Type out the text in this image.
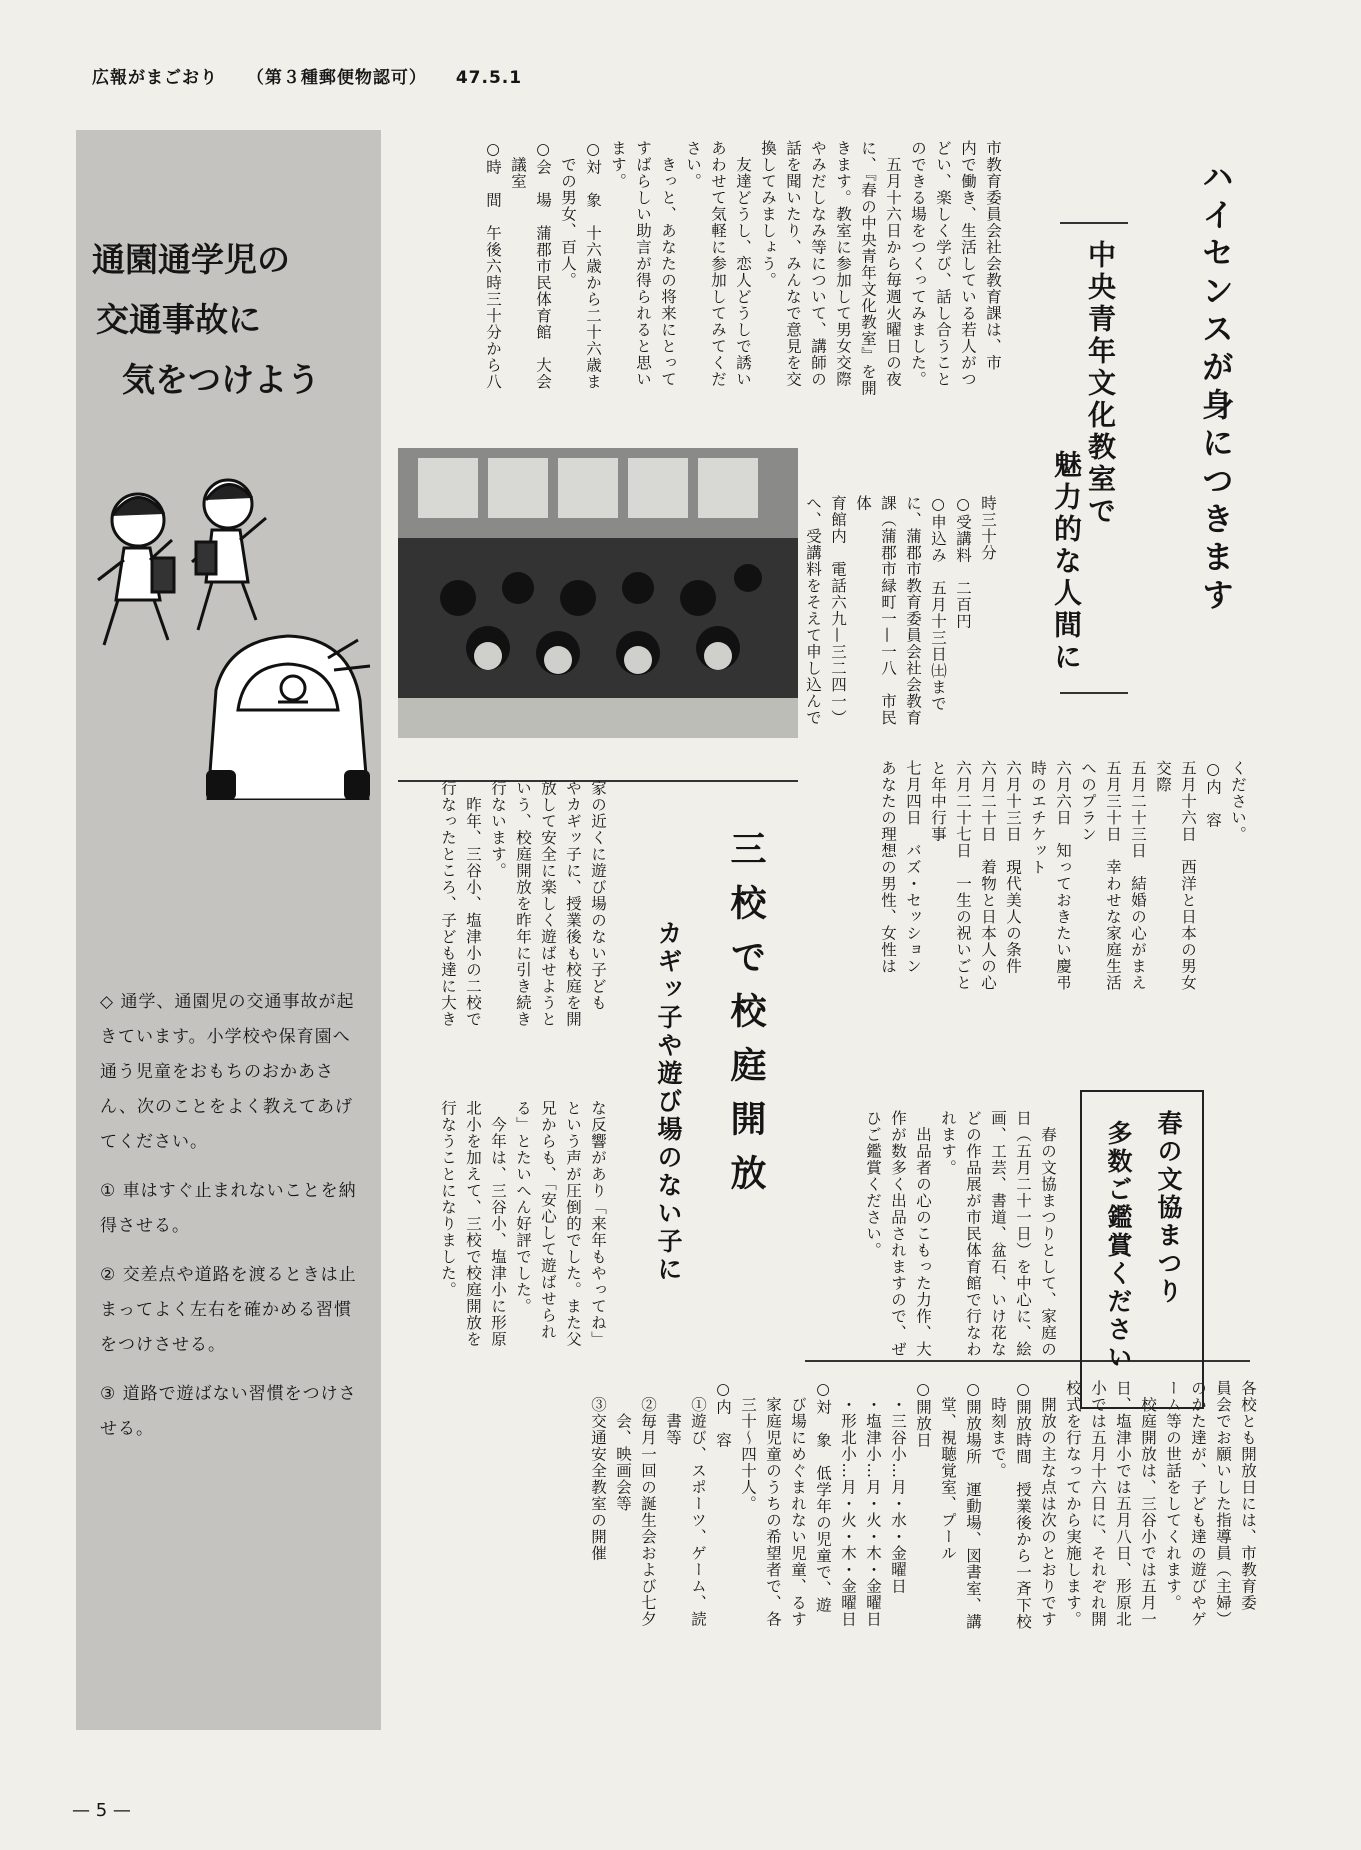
広報がまごおり （第３種郵便物認可） 47.5.1
通園通学児の
交通事故に
気をつけよう

◇ 通学、通園児の交通事故が起きています。小学校や保育園へ通う児童をおもちのおかあさん、次のことをよく教えてあげてください。

① 車はすぐ止まれないことを納得させる。

② 交差点や道路を渡るときは止まってよく左右を確かめる習慣をつけさせる。

③ 道路で遊ばない習慣をつけさせる。

ハイセンスが身につきます
中央青年文化教室で
魅力的な人間に
市教育委員会社会教育課は、市
内で働き、生活している若人がつ
どい、楽しく学び、話し合うこと
のできる場をつくってみました。
　五月十六日から毎週火曜日の夜
に、『春の中央青年文化教室』を開
きます。教室に参加して男女交際
やみだしなみ等について、講師の
話を聞いたり、みんなで意見を交
換してみましょう。
　友達どうし、恋人どうしで誘い
あわせて気軽に参加してみてくだ
さい。
　きっと、あなたの将来にとって
すばらしい助言が得られると思い
ます。
○対　象　十六歳から二十六歳ま
　での男女、百人。
○会　場　蒲郡市民体育館　大会
　議室
○時　間　午後六時三十分から八
時三十分
○受講料　二百円
○申込み　五月十三日㈯まで
に、蒲郡市教育委員会社会教育
課（蒲郡市緑町一—一八　市民体
育館内　電話六九—三二四一）
へ、受講料をそえて申し込んで
ください。
○内　容
五月十六日　西洋と日本の男女
交際
五月二十三日　結婚の心がまえ
五月三十日　幸わせな家庭生活
へのプラン
六月六日　知っておきたい慶弔
時のエチケット
六月十三日　現代美人の条件
六月二十日　着物と日本人の心
六月二十七日　一生の祝いごと
と年中行事
七月四日　バズ・セッション
あなたの理想の男性、女性は
三校で校庭開放
カギッ子や遊び場のない子に
家の近くに遊び場のない子ども
やカギッ子に、授業後も校庭を開
放して安全に楽しく遊ばせようと
いう、校庭開放を昨年に引き続き
行ないます。
　昨年、三谷小、塩津小の二校で
行なったところ、子ども達に大き
な反響があり「来年もやってね」
という声が圧倒的でした。また父
兄からも、「安心して遊ばせられ
る」とたいへん好評でした。
　今年は、三谷小、塩津小に形原
北小を加えて、三校で校庭開放を
行なうことになりました。
各校とも開放日には、市教育委
員会でお願いした指導員（主婦）
のかた達が、子ども達の遊びやゲ
ーム等の世話をしてくれます。
　校庭開放は、三谷小では五月一
日、塩津小では五月八日、形原北
小では五月十六日に、それぞれ開
校式を行なってから実施します。
　開放の主な点は次のとおりです
○開放時間　授業後から一斉下校
　時刻まで。
○開放場所　運動場、図書室、講
　堂、視聴覚室、プール
○開放日
　・三谷小…月・水・金曜日
　・塩津小…月・火・木・金曜日
　・形北小…月・火・木・金曜日
○対　象　低学年の児童で、遊
　び場にめぐまれない児童、るす
　家庭児童のうちの希望者で、各
　三十〜四十人。
○内　容
　①遊び、スポーツ、ゲーム、読
　　書等
　②毎月一回の誕生会および七夕
　　会、映画会等
　③交通安全教室の開催
春の文協まつり
多数ご鑑賞ください
　春の文協まつりとして、家庭の
日（五月二十一日）を中心に、絵
画、工芸、書道、盆石、いけ花な
どの作品展が市民体育館で行なわ
れます。
　出品者の心のこもった力作、大
作が数多く出品されますので、ぜ
ひご鑑賞ください。
— 5 —
